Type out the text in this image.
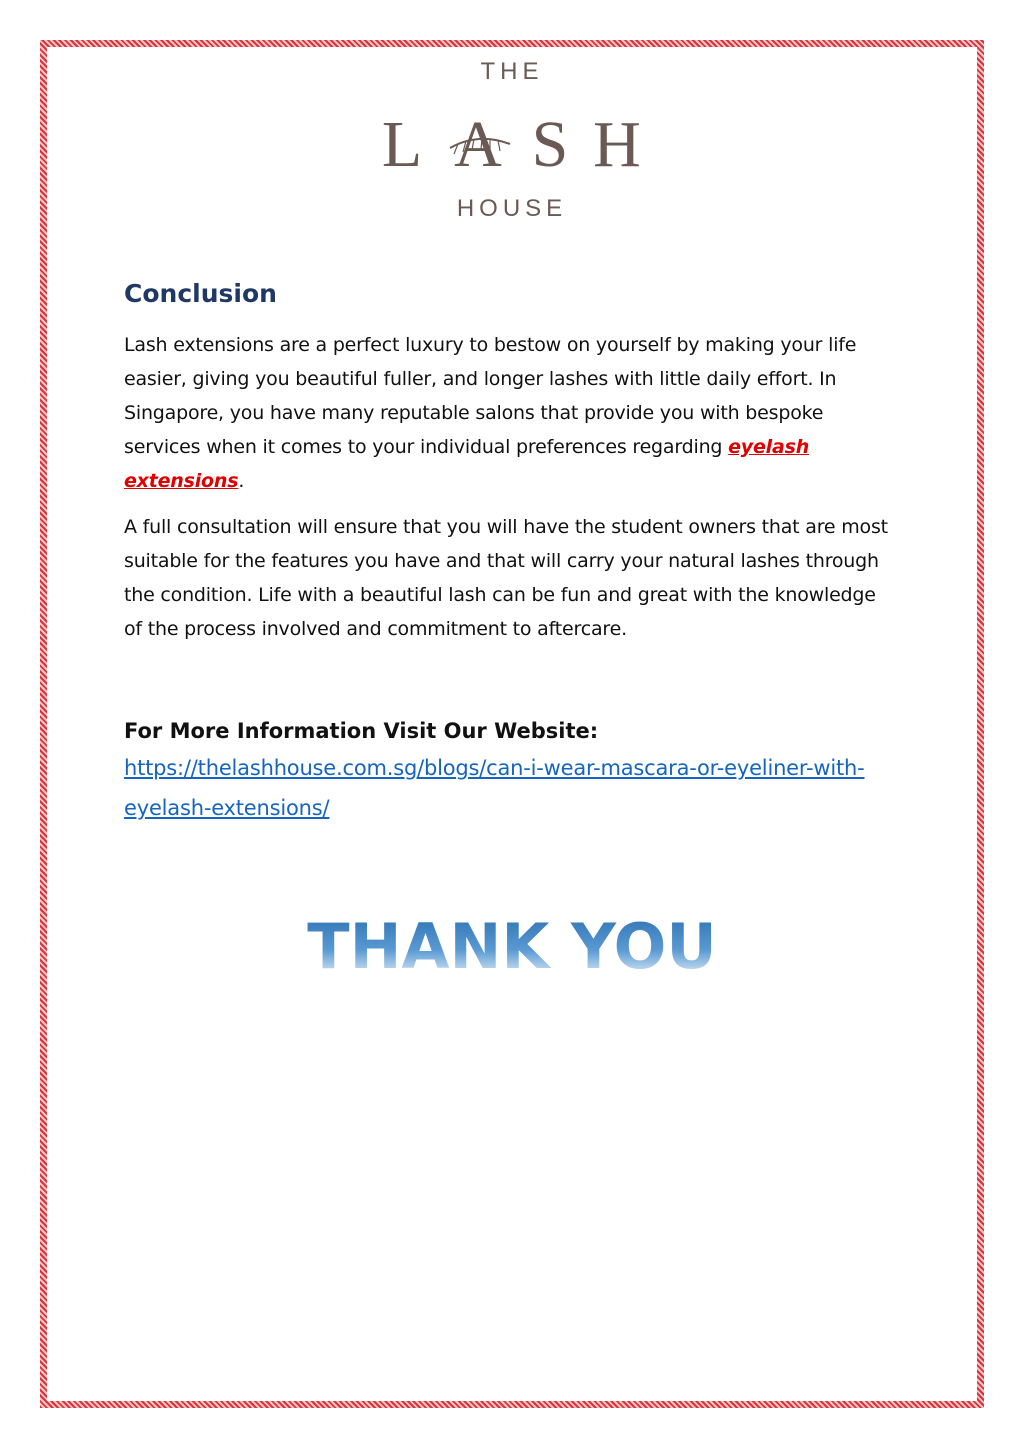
THE
L A S H
HOUSE
Conclusion

Lash extensions are a perfect luxury to bestow on yourself by making your life easier, giving you beautiful fuller, and longer lashes with little daily effort. In Singapore, you have many reputable salons that provide you with bespoke services when it comes to your individual preferences regarding eyelash extensions.

A full consultation will ensure that you will have the student owners that are most suitable for the features you have and that will carry your natural lashes through the condition. Life with a beautiful lash can be fun and great with the knowledge of the process involved and commitment to aftercare.

For More Information Visit Our Website:

https://thelashhouse.com.sg/blogs/can-i-wear-mascara-or-eyeliner-with-eyelash-extensions/
THANK YOU
